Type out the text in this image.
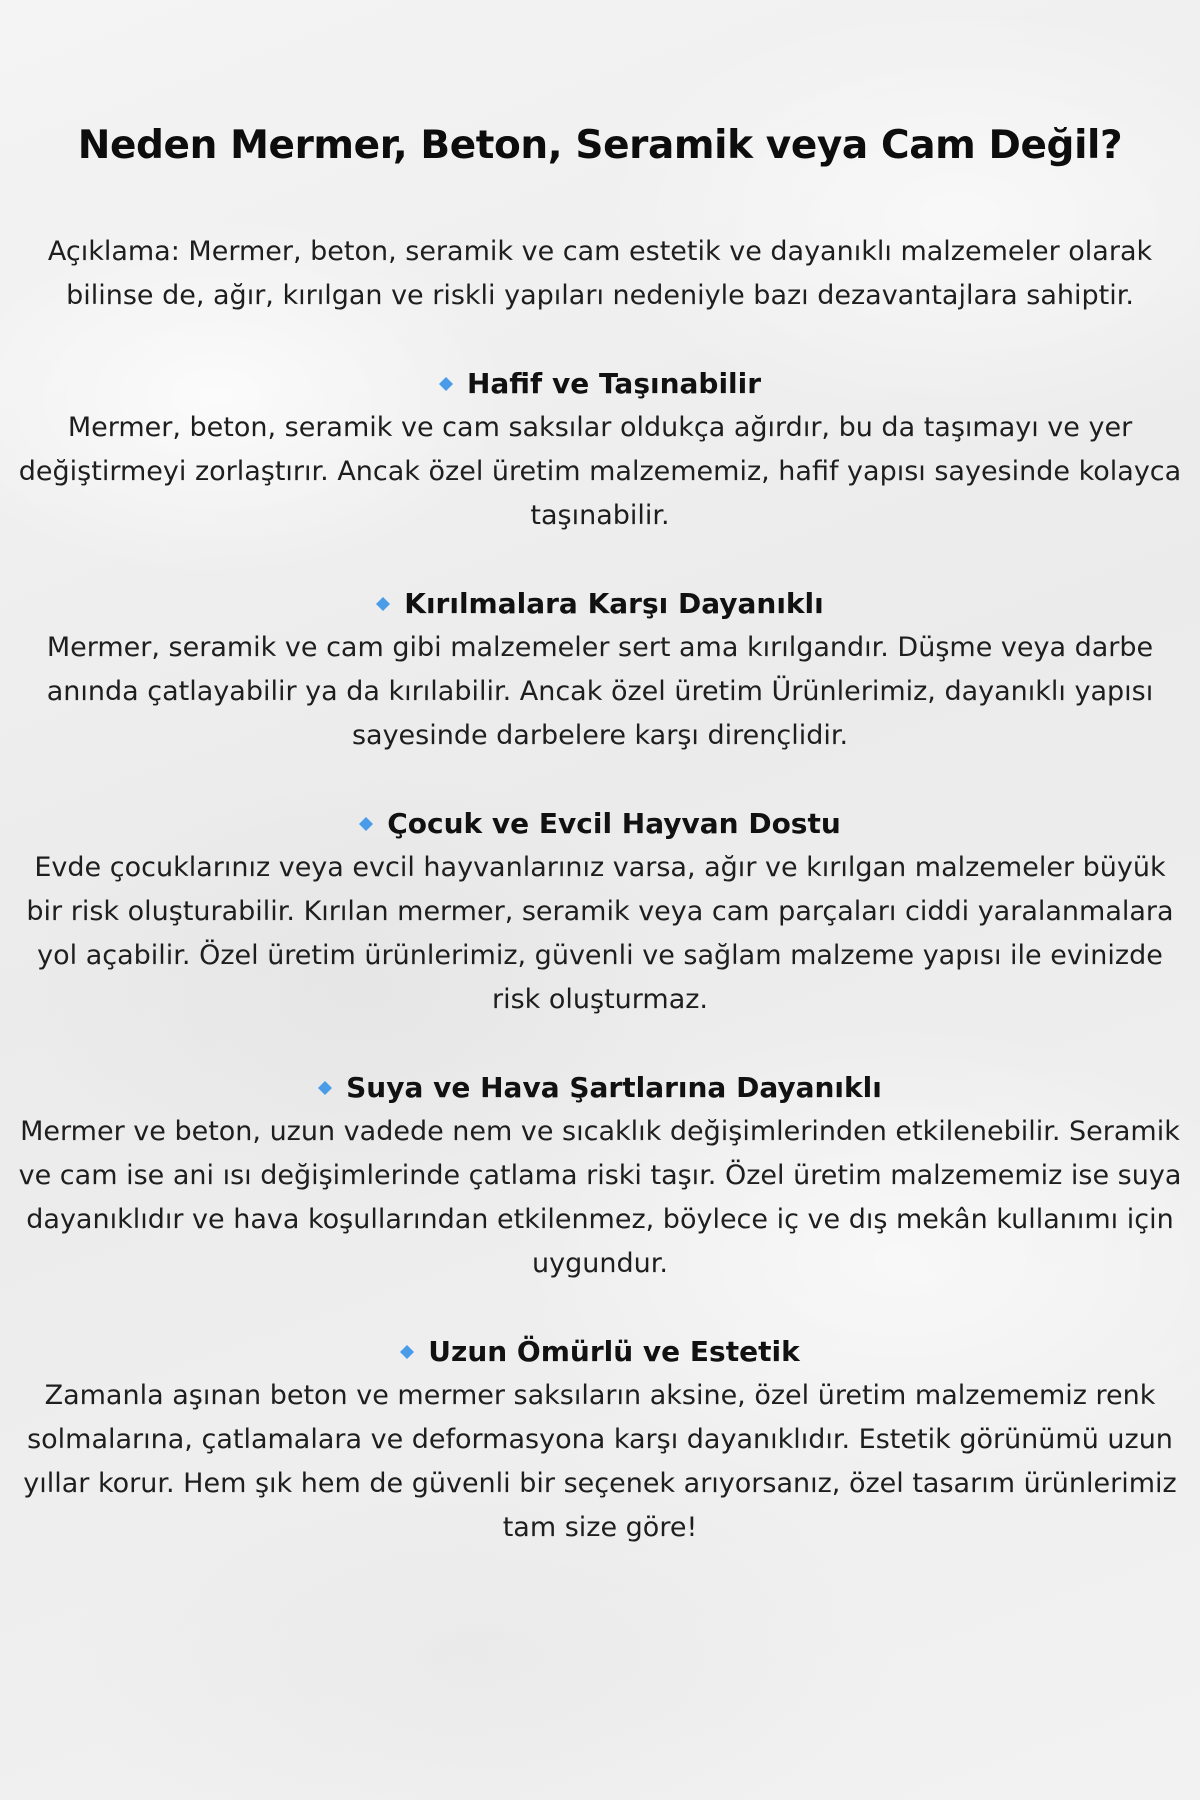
Neden Mermer, Beton, Seramik veya Cam Değil?

Açıklama: Mermer, beton, seramik ve cam estetik ve dayanıklı malzemeler olarak bilinse de, ağır, kırılgan ve riskli yapıları nedeniyle bazı dezavantajlara sahiptir.

Hafif ve Taşınabilir

Mermer, beton, seramik ve cam saksılar oldukça ağırdır, bu da taşımayı ve yer değiştirmeyi zorlaştırır. Ancak özel üretim malzememiz, hafif yapısı sayesinde kolayca taşınabilir.

Kırılmalara Karşı Dayanıklı

Mermer, seramik ve cam gibi malzemeler sert ama kırılgandır. Düşme veya darbe anında çatlayabilir ya da kırılabilir. Ancak özel üretim Ürünlerimiz, dayanıklı yapısı sayesinde darbelere karşı dirençlidir.

Çocuk ve Evcil Hayvan Dostu

Evde çocuklarınız veya evcil hayvanlarınız varsa, ağır ve kırılgan malzemeler büyük bir risk oluşturabilir. Kırılan mermer, seramik veya cam parçaları ciddi yaralanmalara yol açabilir. Özel üretim ürünlerimiz, güvenli ve sağlam malzeme yapısı ile evinizde risk oluşturmaz.

Suya ve Hava Şartlarına Dayanıklı

Mermer ve beton, uzun vadede nem ve sıcaklık değişimlerinden etkilenebilir. Seramik ve cam ise ani ısı değişimlerinde çatlama riski taşır. Özel üretim malzememiz ise suya dayanıklıdır ve hava koşullarından etkilenmez, böylece iç ve dış mekân kullanımı için uygundur.

Uzun Ömürlü ve Estetik

Zamanla aşınan beton ve mermer saksıların aksine, özel üretim malzememiz renk solmalarına, çatlamalara ve deformasyona karşı dayanıklıdır. Estetik görünümü uzun yıllar korur. Hem şık hem de güvenli bir seçenek arıyorsanız, özel tasarım ürünlerimiz tam size göre!
